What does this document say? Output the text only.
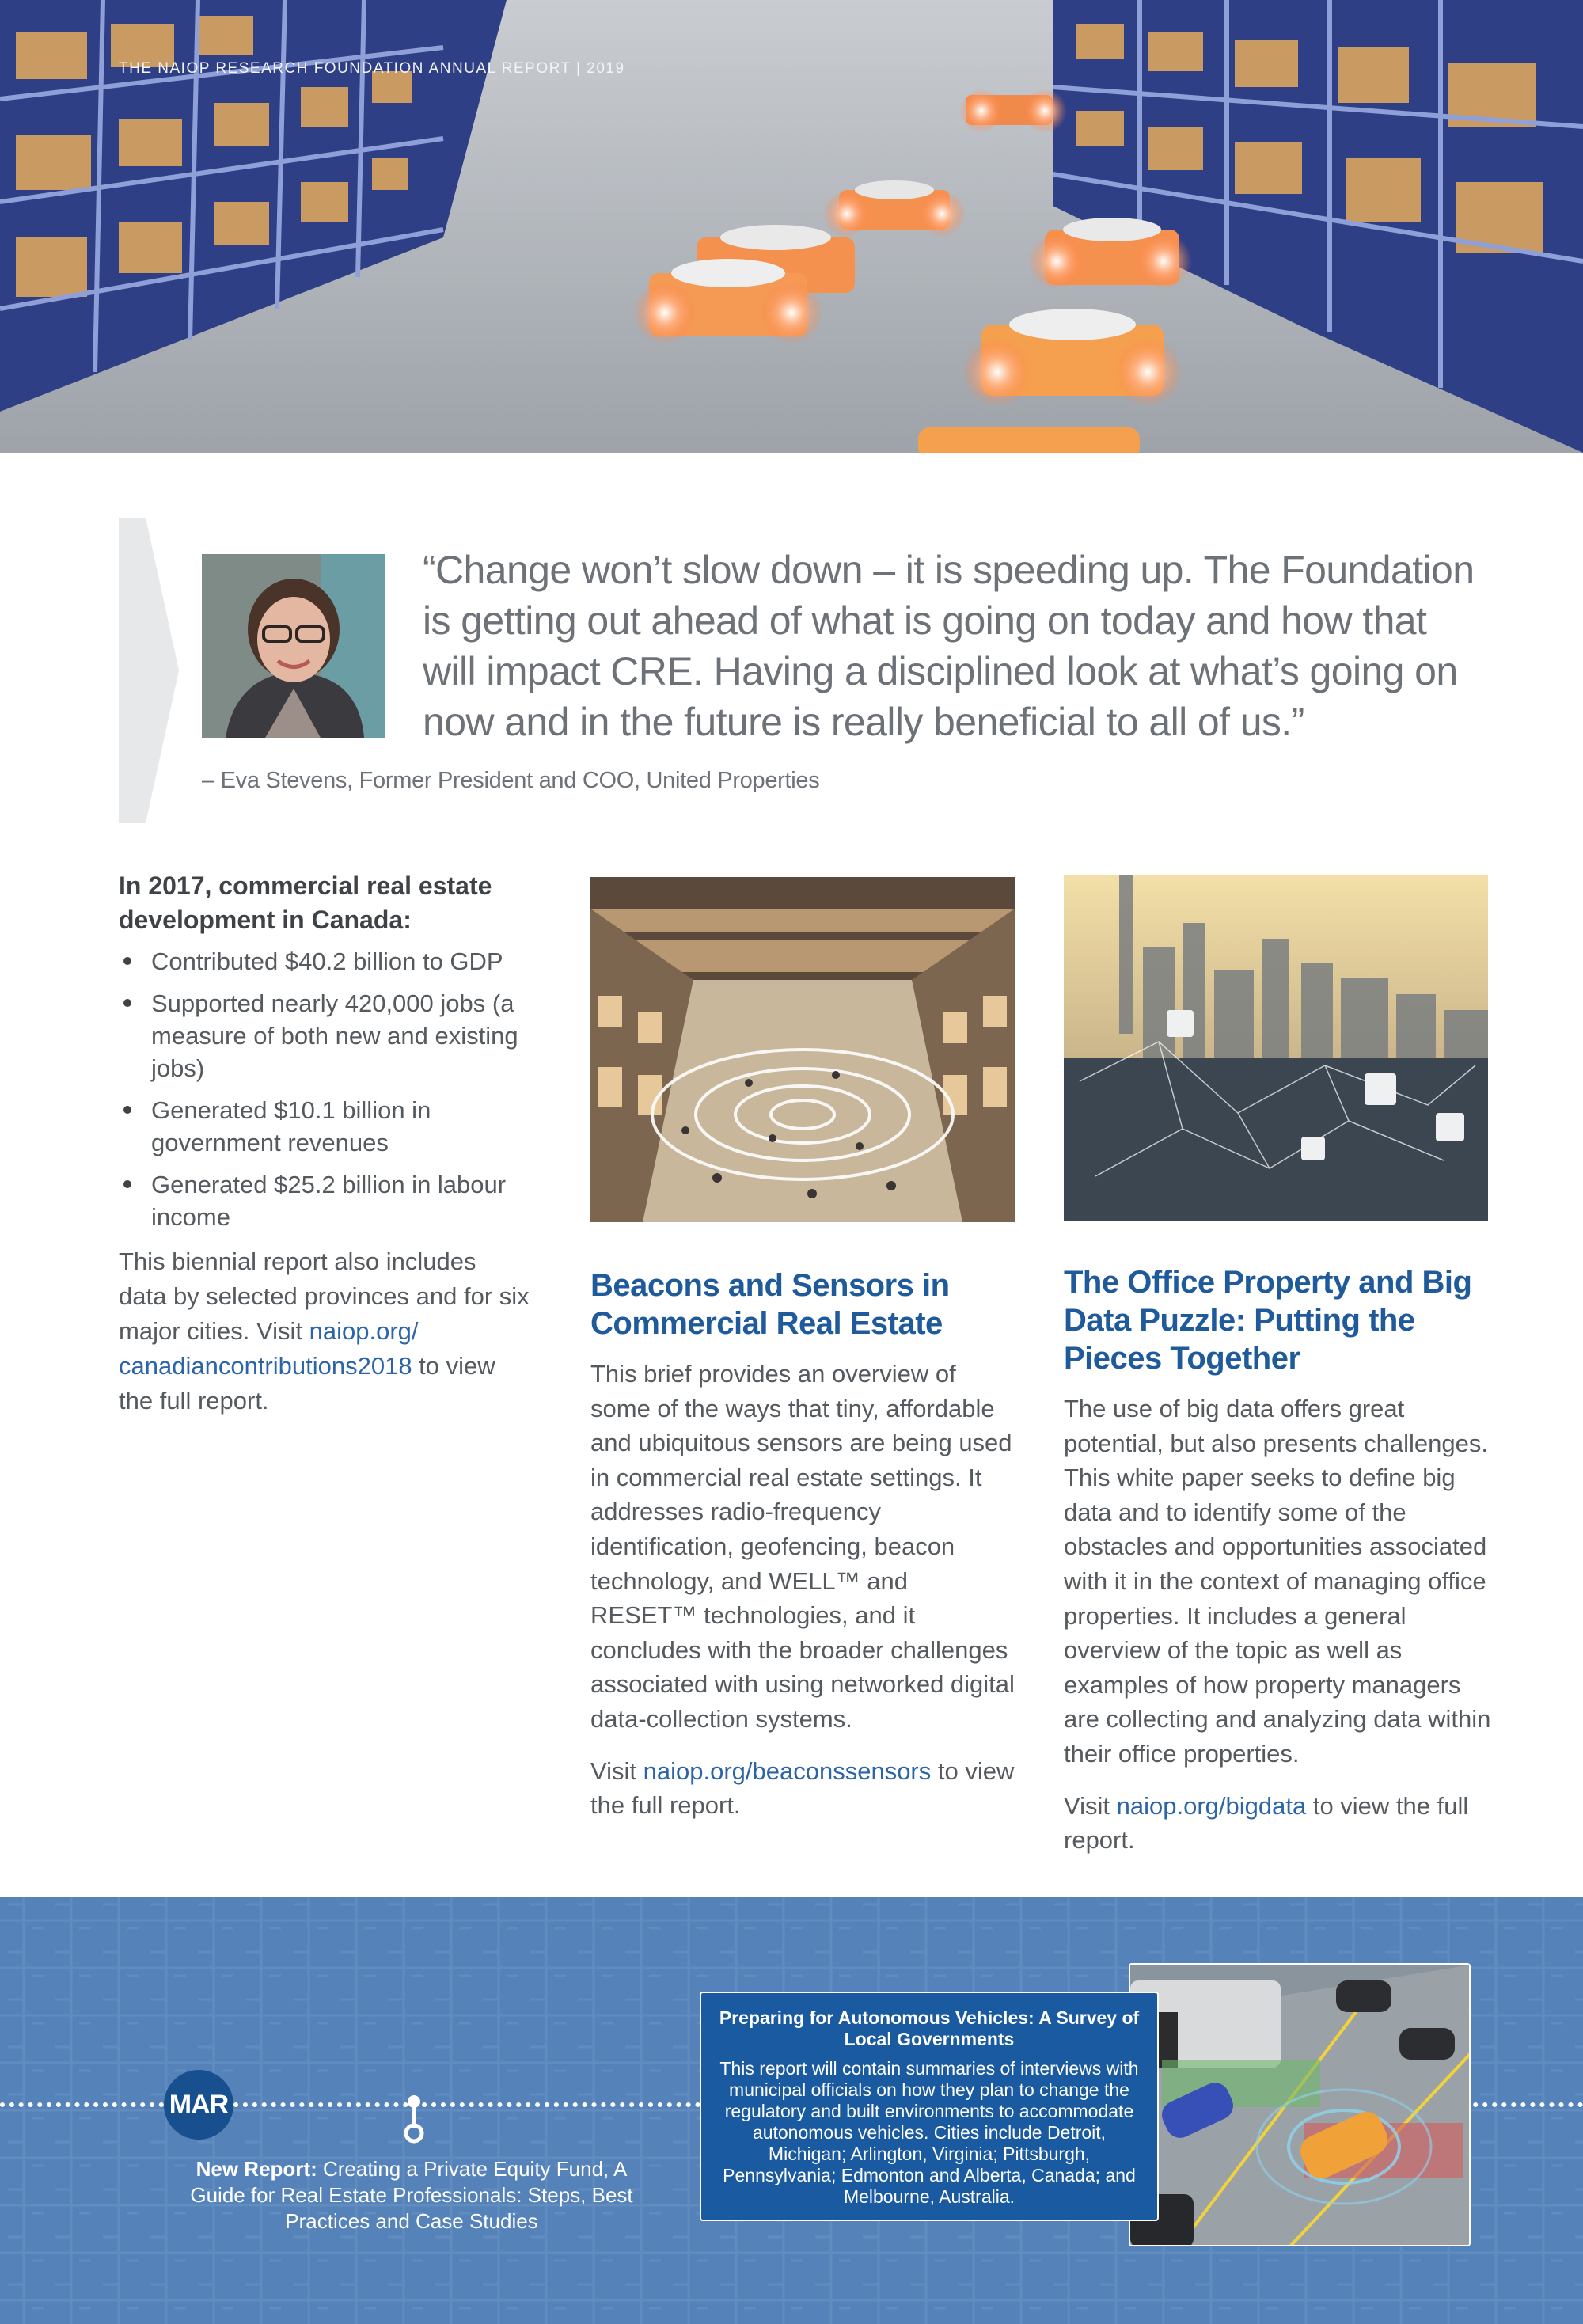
THE NAIOP RESEARCH FOUNDATION ANNUAL REPORT | 2019
“Change won’t slow down – it is speeding up. The Foundation is getting out ahead of what is going on today and how that will impact CRE. Having a disciplined look at what’s going on now and in the future is really beneficial to all of us.”
– Eva Stevens, Former President and COO, United Properties
In 2017, commercial real estate development in Canada:
Contributed $40.2 billion to GDP
Supported nearly 420,000 jobs (a measure of both new and existing jobs)
Generated $10.1 billion in government revenues
Generated $25.2 billion in labour income

This biennial report also includes data by selected provinces and for six major cities. Visit naiop.org/ canadiancontributions2018 to view the full report.

Beacons and Sensors in Commercial Real Estate
This brief provides an overview of some of the ways that tiny, affordable and ubiquitous sensors are being used in commercial real estate settings. It addresses radio-frequency identification, geofencing, beacon technology, and WELL™ and RESET™ technologies, and it concludes with the broader challenges associated with using networked digital data-collection systems.

Visit naiop.org/beaconssensors to view the full report.

The Office Property and Big Data Puzzle: Putting the Pieces Together
The use of big data offers great potential, but also presents challenges. This white paper seeks to define big data and to identify some of the obstacles and opportunities associated with it in the context of managing office properties. It includes a general overview of the topic as well as examples of how property managers are collecting and analyzing data within their office properties.

Visit naiop.org/bigdata to view the full report.

MAR
New Report: Creating a Private Equity Fund, A Guide for Real Estate Professionals: Steps, Best Practices and Case Studies
Preparing for Autonomous Vehicles: A Survey of Local Governments
This report will contain summaries of interviews with municipal officials on how they plan to change the regulatory and built environments to accommodate autonomous vehicles. Cities include Detroit, Michigan; Arlington, Virginia; Pittsburgh, Pennsylvania; Edmonton and Alberta, Canada; and Melbourne, Australia.
